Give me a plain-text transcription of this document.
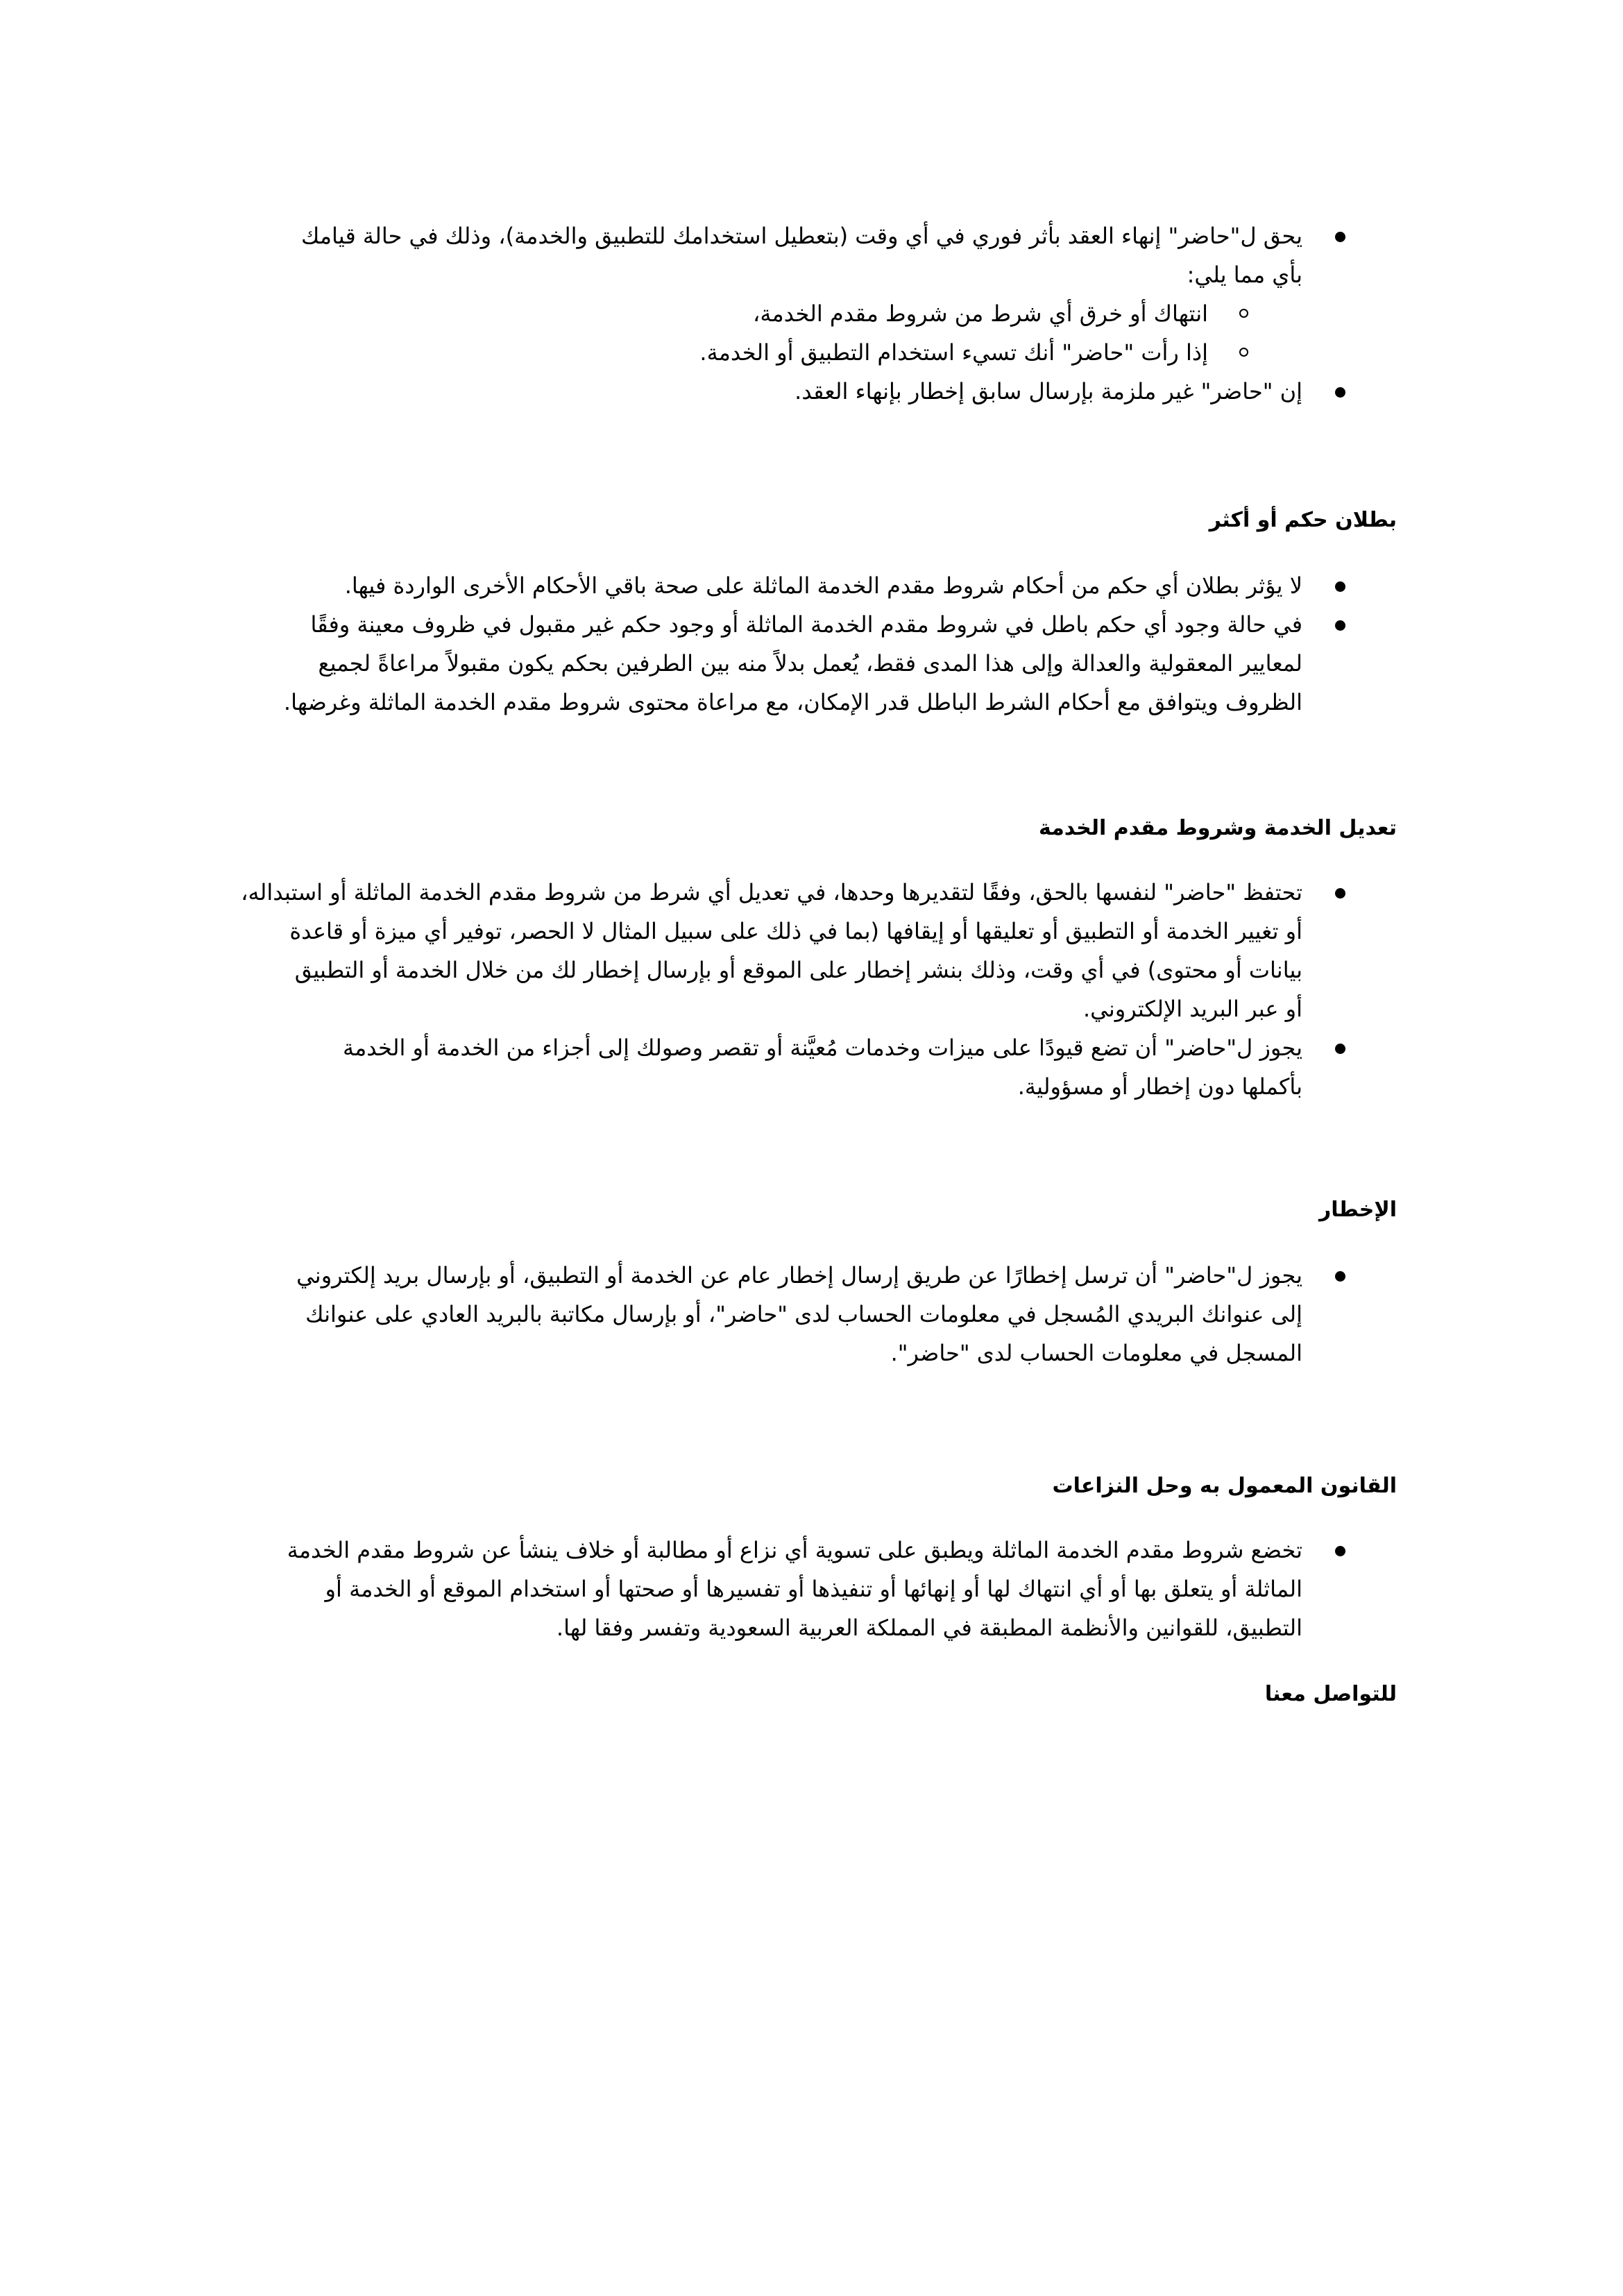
يحق ل"حاضر" إنهاء العقد بأثر فوري في أي وقت (بتعطيل استخدامك للتطبيق والخدمة)، وذلك في حالة قيامك
بأي مما يلي:
انتهاك أو خرق أي شرط من شروط مقدم الخدمة،
إذا رأت "حاضر" أنك تسيء استخدام التطبيق أو الخدمة.
إن "حاضر" غير ملزمة بإرسال سابق إخطار بإنهاء العقد.
بطلان حكم أو أكثر
لا يؤثر بطلان أي حكم من أحكام شروط مقدم الخدمة الماثلة على صحة باقي الأحكام الأخرى الواردة فيها.
في حالة وجود أي حكم باطل في شروط مقدم الخدمة الماثلة أو وجود حكم غير مقبول في ظروف معينة وفقًا
لمعايير المعقولية والعدالة وإلى هذا المدى فقط، يُعمل بدلاً منه بين الطرفين بحكم يكون مقبولاً مراعاةً لجميع
الظروف ويتوافق مع أحكام الشرط الباطل قدر الإمكان، مع مراعاة محتوى شروط مقدم الخدمة الماثلة وغرضها.
تعديل الخدمة وشروط مقدم الخدمة
تحتفظ "حاضر" لنفسها بالحق، وفقًا لتقديرها وحدها، في تعديل أي شرط من شروط مقدم الخدمة الماثلة أو استبداله،
أو تغيير الخدمة أو التطبيق أو تعليقها أو إيقافها (بما في ذلك على سبيل المثال لا الحصر، توفير أي ميزة أو قاعدة
بيانات أو محتوى) في أي وقت، وذلك بنشر إخطار على الموقع أو بإرسال إخطار لك من خلال الخدمة أو التطبيق
أو عبر البريد الإلكتروني.
يجوز ل"حاضر" أن تضع قيودًا على ميزات وخدمات مُعيَّنة أو تقصر وصولك إلى أجزاء من الخدمة أو الخدمة
بأكملها دون إخطار أو مسؤولية.
الإخطار
يجوز ل"حاضر" أن ترسل إخطارًا عن طريق إرسال إخطار عام عن الخدمة أو التطبيق، أو بإرسال بريد إلكتروني
إلى عنوانك البريدي المُسجل في معلومات الحساب لدى "حاضر"، أو بإرسال مكاتبة بالبريد العادي على عنوانك
المسجل في معلومات الحساب لدى "حاضر".
القانون المعمول به وحل النزاعات
تخضع شروط مقدم الخدمة الماثلة ويطبق على تسوية أي نزاع أو مطالبة أو خلاف ينشأ عن شروط مقدم الخدمة
الماثلة أو يتعلق بها أو أي انتهاك لها أو إنهائها أو تنفيذها أو تفسيرها أو صحتها أو استخدام الموقع أو الخدمة أو
التطبيق، للقوانين والأنظمة المطبقة في المملكة العربية السعودية وتفسر وفقا لها.
للتواصل معنا
